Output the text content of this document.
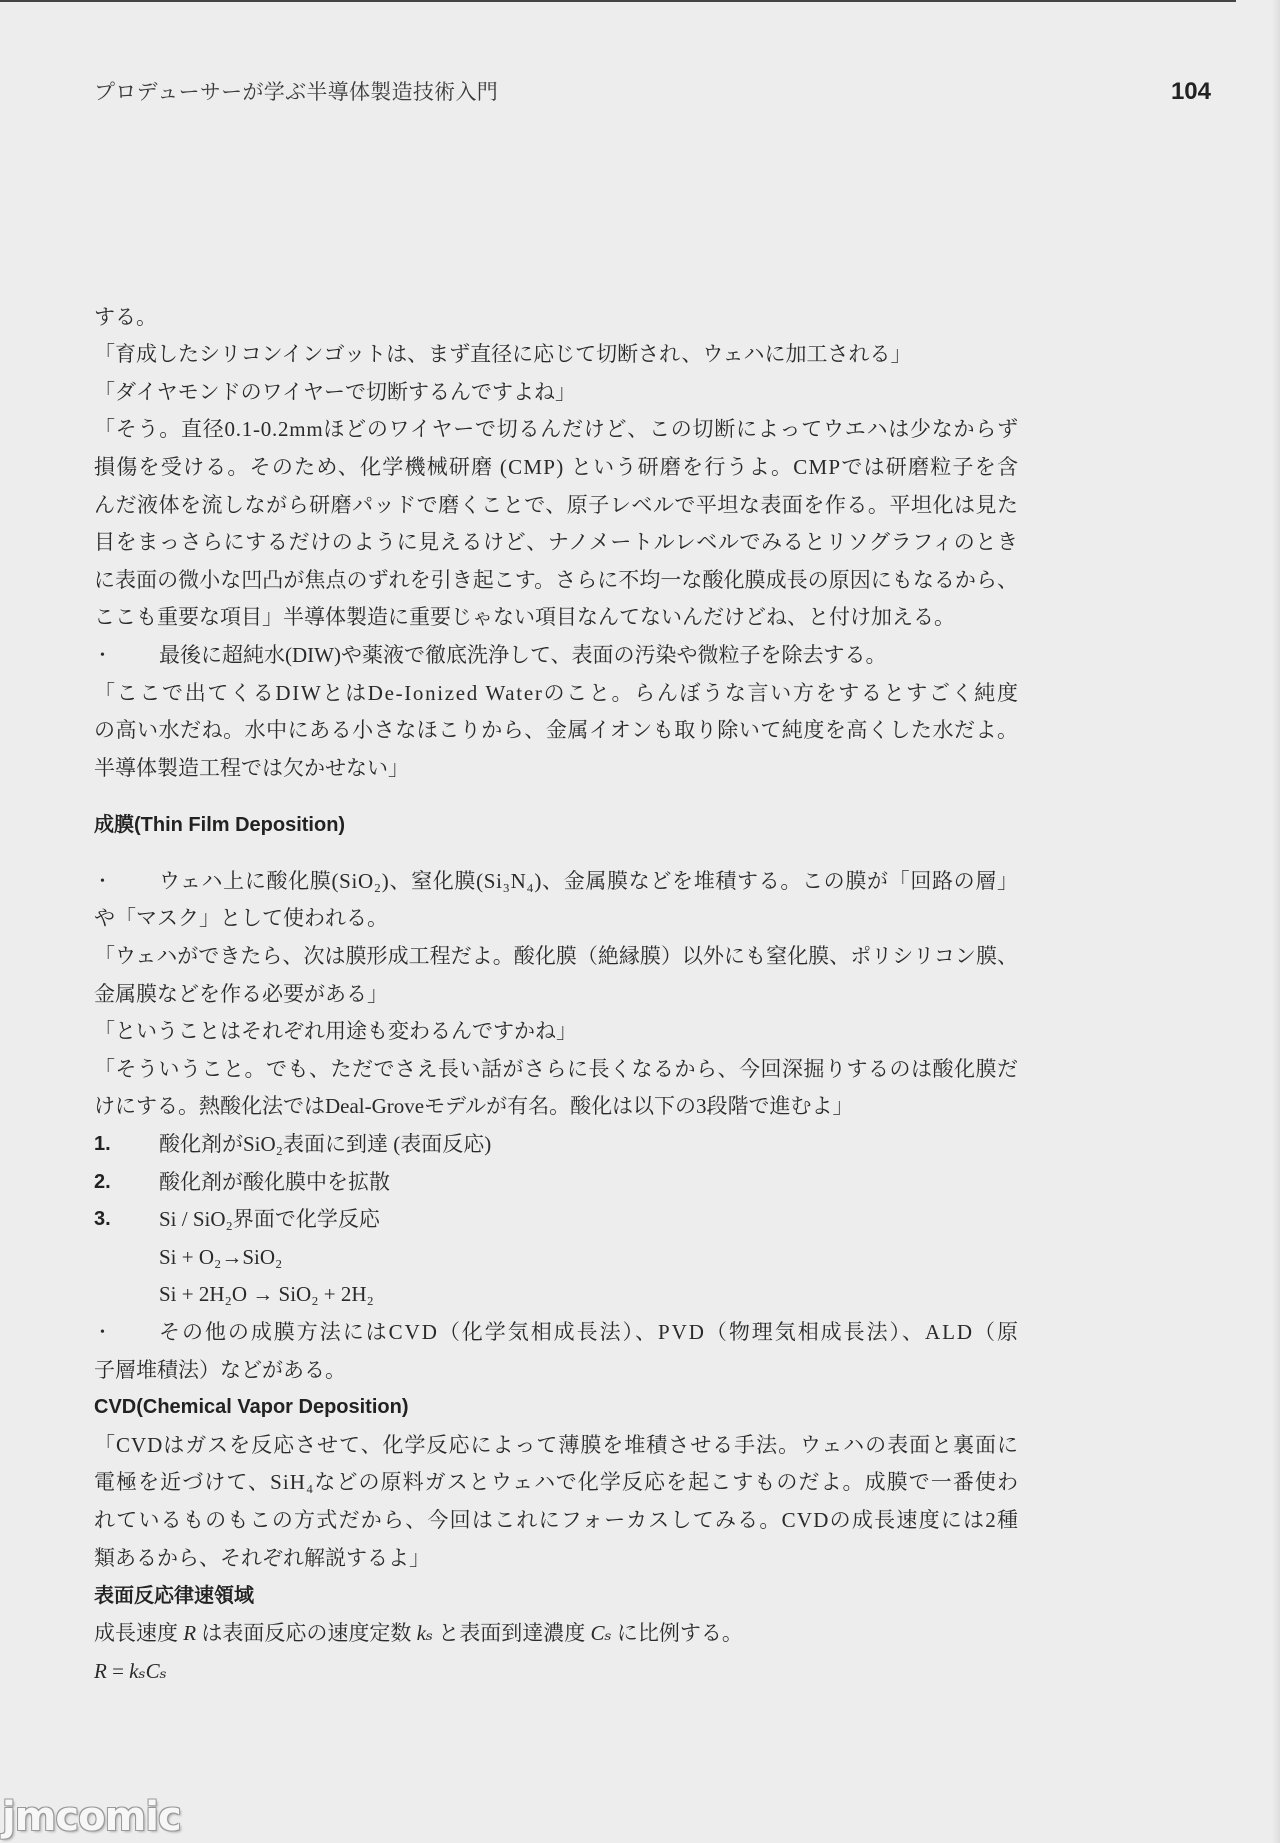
プロデューサーが学ぶ半導体製造技術入門	104
する。
「育成したシリコンインゴットは、まず直径に応じて切断され、ウェハに加工される」
「ダイヤモンドのワイヤーで切断するんですよね」
「そう。直径0.1-0.2mmほどのワイヤーで切るんだけど、この切断によってウエハは少なからず
損傷を受ける。そのため、化学機械研磨 (CMP) という研磨を行うよ。CMPでは研磨粒子を含
んだ液体を流しながら研磨パッドで磨くことで、原子レベルで平坦な表面を作る。平坦化は見た
目をまっさらにするだけのように見えるけど、ナノメートルレベルでみるとリソグラフィのとき
に表面の微小な凹凸が焦点のずれを引き起こす。さらに不均一な酸化膜成長の原因にもなるから、
ここも重要な項目」半導体製造に重要じゃない項目なんてないんだけどね、と付け加える。
•	最後に超純水(DIW)や薬液で徹底洗浄して、表面の汚染や微粒子を除去する。
「ここで出てくるDIWとはDe-Ionized Waterのこと。らんぼうな言い方をするとすごく純度
の高い水だね。水中にある小さなほこりから、金属イオンも取り除いて純度を高くした水だよ。
半導体製造工程では欠かせない」
成膜(Thin Film Deposition)
•	ウェハ上に酸化膜(SiO₂)、窒化膜(Si₃N₄)、金属膜などを堆積する。この膜が「回路の層」
や「マスク」として使われる。
「ウェハができたら、次は膜形成工程だよ。酸化膜（絶縁膜）以外にも窒化膜、ポリシリコン膜、
金属膜などを作る必要がある」
「ということはそれぞれ用途も変わるんですかね」
「そういうこと。でも、ただでさえ長い話がさらに長くなるから、今回深掘りするのは酸化膜だ
けにする。熱酸化法ではDeal-Groveモデルが有名。酸化は以下の3段階で進むよ」
1. 酸化剤がSiO₂表面に到達 (表面反応)
2. 酸化剤が酸化膜中を拡散
3. Si / SiO₂界面で化学反応
Si + O₂→SiO₂
Si + 2H₂O → SiO₂ + 2H₂
•	その他の成膜方法にはCVD（化学気相成長法）、PVD（物理気相成長法）、ALD（原
子層堆積法）などがある。
CVD(Chemical Vapor Deposition)
「CVDはガスを反応させて、化学反応によって薄膜を堆積させる手法。ウェハの表面と裏面に
電極を近づけて、SiH₄などの原料ガスとウェハで化学反応を起こすものだよ。成膜で一番使わ
れているものもこの方式だから、今回はこれにフォーカスしてみる。CVDの成長速度には2種
類あるから、それぞれ解説するよ」
表面反応律速領域
成長速度 R は表面反応の速度定数 kₛ と表面到達濃度 Cₛ に比例する。
R = kₛCₛ
jmcomic
